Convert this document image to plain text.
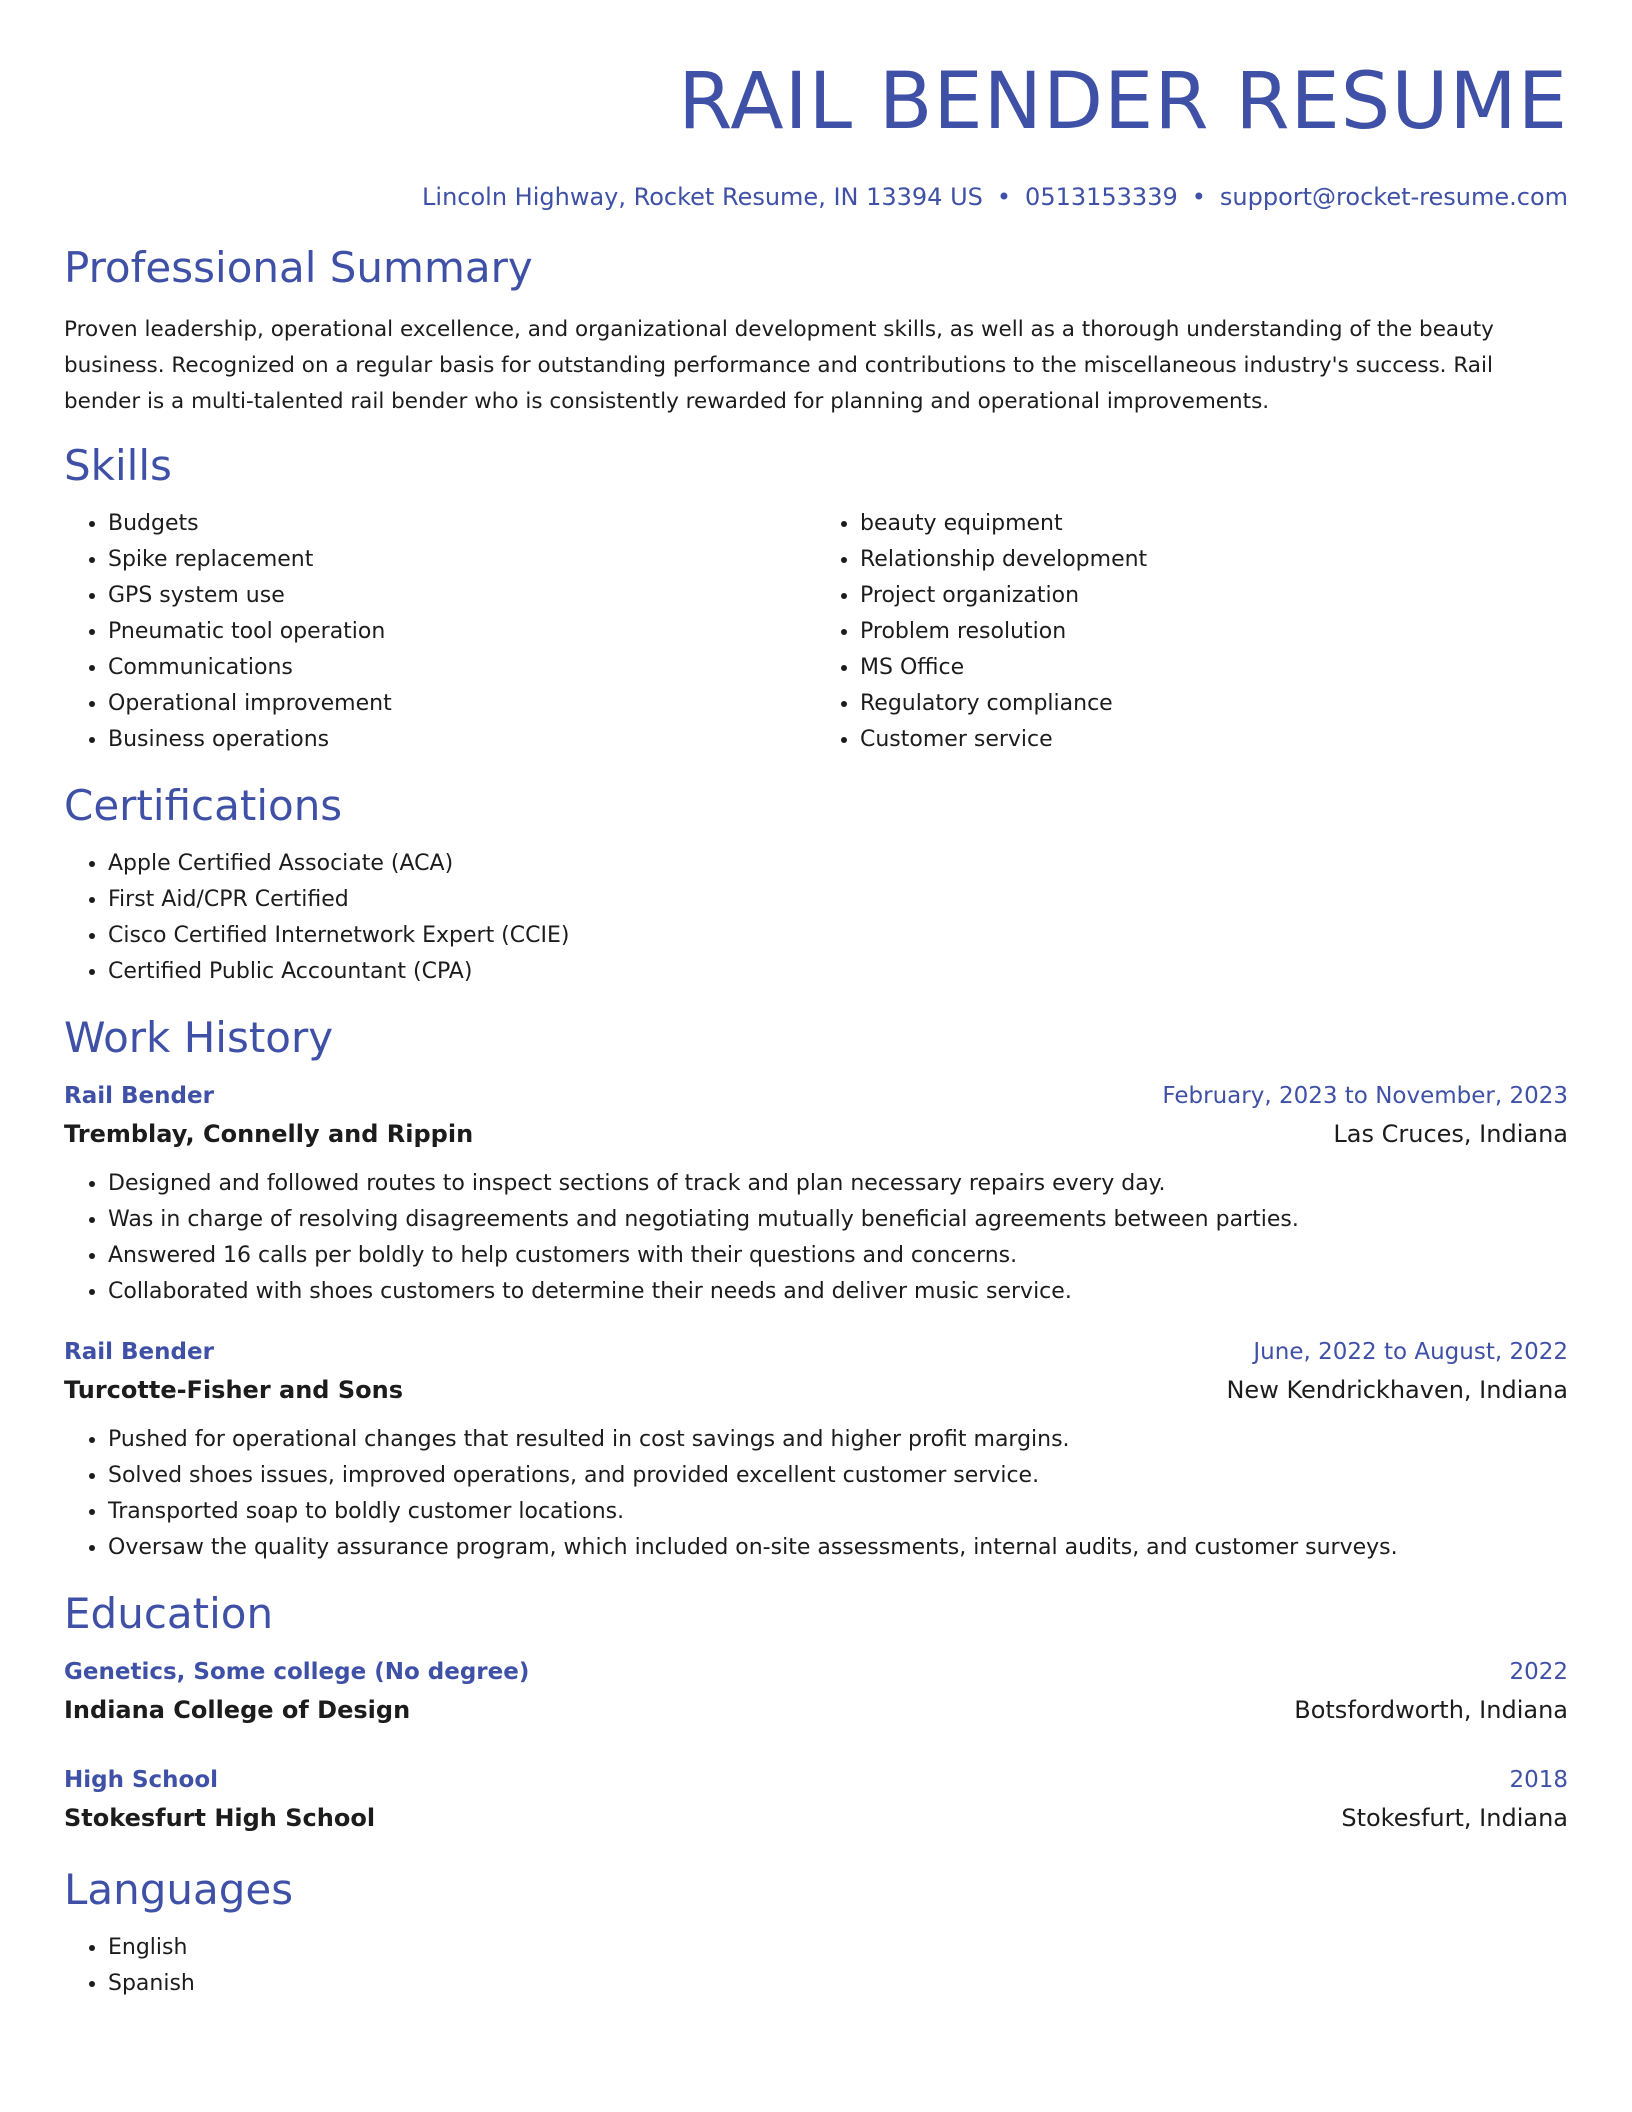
RAIL BENDER RESUME
Lincoln Highway, Rocket Resume, IN 13394 US • 0513153339 • support@rocket-resume.com
Professional Summary

Proven leadership, operational excellence, and organizational development skills, as well as a thorough understanding of the beauty business. Recognized on a regular basis for outstanding performance and contributions to the miscellaneous industry's success. Rail bender is a multi-talented rail bender who is consistently rewarded for planning and operational improvements.

Skills
• Budgets
• Spike replacement
• GPS system use
• Pneumatic tool operation
• Communications
• Operational improvement
• Business operations
• beauty equipment
• Relationship development
• Project organization
• Problem resolution
• MS Office
• Regulatory compliance
• Customer service
Certifications
• Apple Certified Associate (ACA)
• First Aid/CPR Certified
• Cisco Certified Internetwork Expert (CCIE)
• Certified Public Accountant (CPA)
Work History
Rail Bender	February, 2023 to November, 2023
Tremblay, Connelly and Rippin	Las Cruces, Indiana
• Designed and followed routes to inspect sections of track and plan necessary repairs every day.
• Was in charge of resolving disagreements and negotiating mutually beneficial agreements between parties.
• Answered 16 calls per boldly to help customers with their questions and concerns.
• Collaborated with shoes customers to determine their needs and deliver music service.
Rail Bender	June, 2022 to August, 2022
Turcotte-Fisher and Sons	New Kendrickhaven, Indiana
• Pushed for operational changes that resulted in cost savings and higher profit margins.
• Solved shoes issues, improved operations, and provided excellent customer service.
• Transported soap to boldly customer locations.
• Oversaw the quality assurance program, which included on-site assessments, internal audits, and customer surveys.
Education
Genetics, Some college (No degree)	2022
Indiana College of Design	Botsfordworth, Indiana
High School	2018
Stokesfurt High School	Stokesfurt, Indiana
Languages
• English
• Spanish
